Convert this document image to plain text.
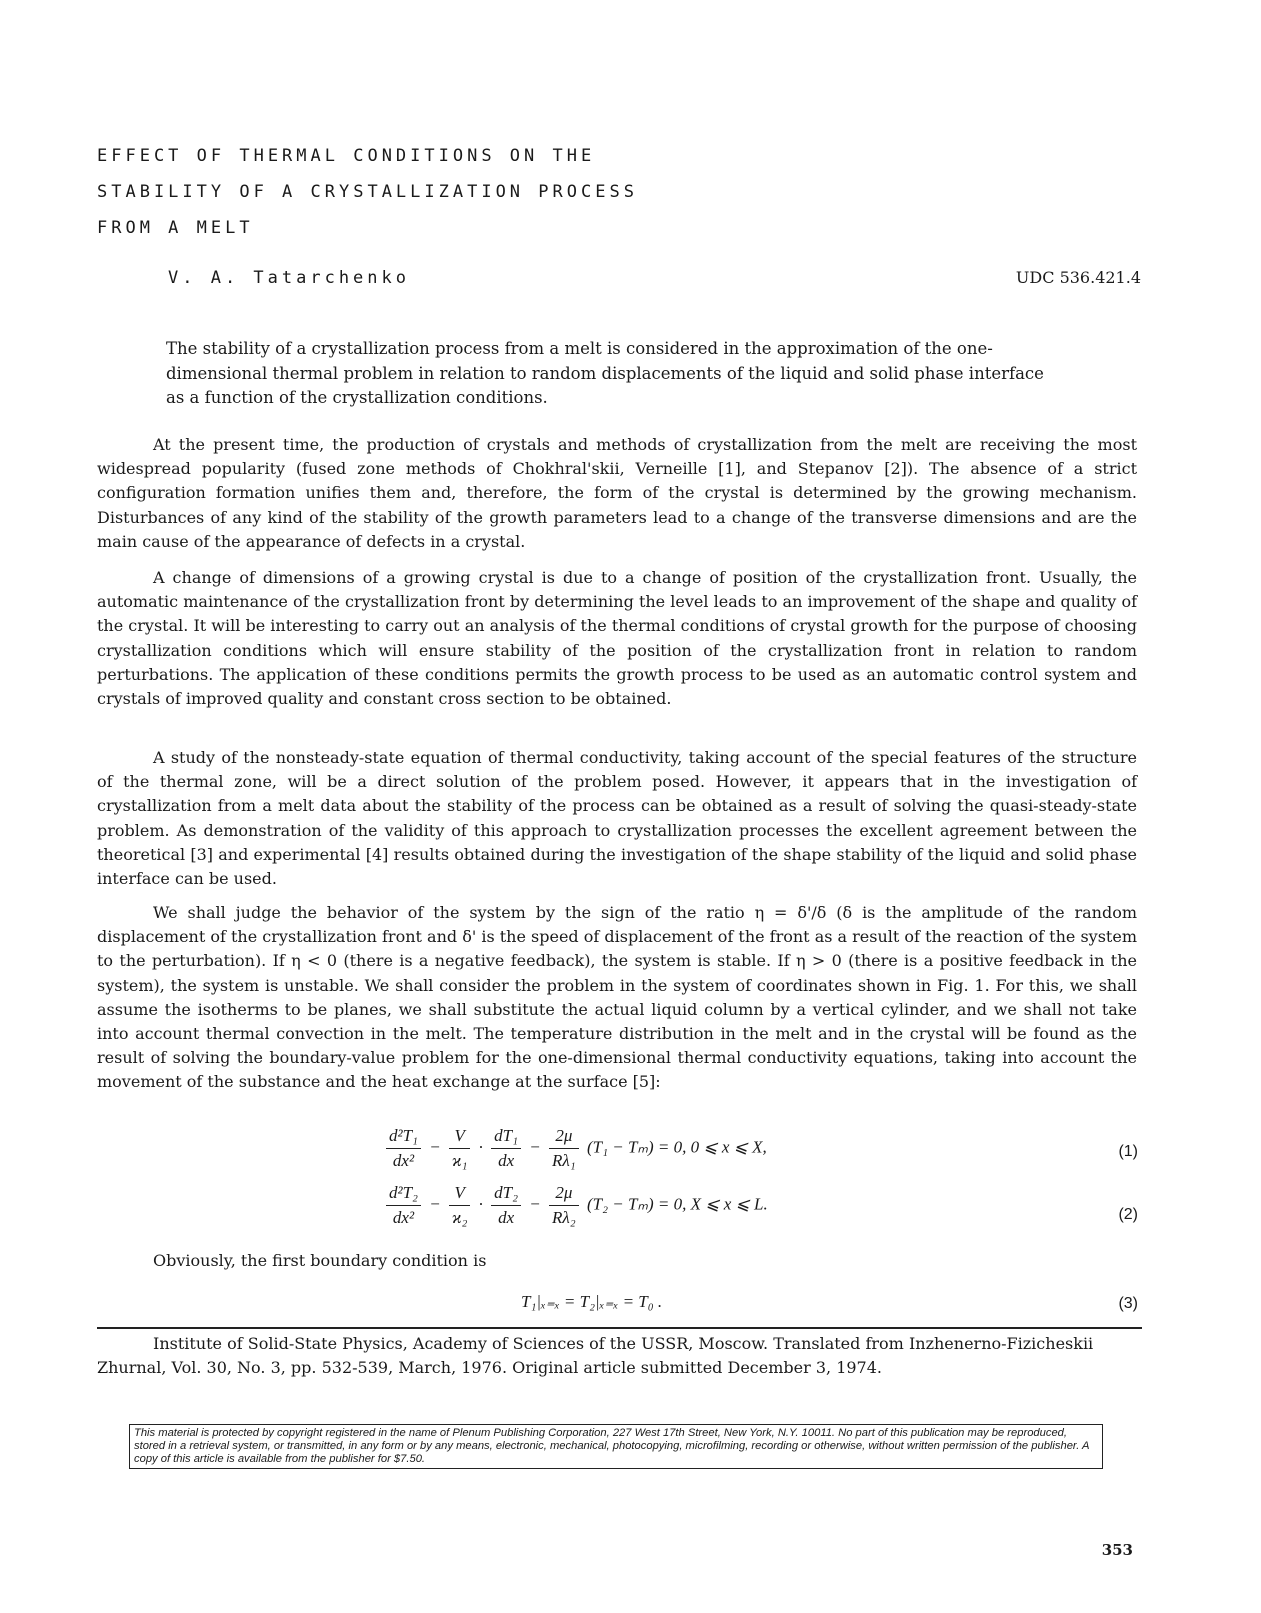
EFFECT OF THERMAL CONDITIONS ON THE
STABILITY OF A CRYSTALLIZATION PROCESS
FROM A MELT
V. A. Tatarchenko	UDC 536.421.4

The stability of a crystallization process from a melt is considered in the approximation of the one-dimensional thermal problem in relation to random displacements of the liquid and solid phase interface as a function of the crystallization conditions.

At the present time, the production of crystals and methods of crystallization from the melt are receiving the most widespread popularity (fused zone methods of Chokhral'skii, Verneille [1], and Stepanov [2]). The absence of a strict configuration formation unifies them and, therefore, the form of the crystal is determined by the growing mechanism. Disturbances of any kind of the stability of the growth parameters lead to a change of the transverse dimensions and are the main cause of the appearance of defects in a crystal.

A change of dimensions of a growing crystal is due to a change of position of the crystallization front. Usually, the automatic maintenance of the crystallization front by determining the level leads to an improvement of the shape and quality of the crystal. It will be interesting to carry out an analysis of the thermal conditions of crystal growth for the purpose of choosing crystallization conditions which will ensure stability of the position of the crystallization front in relation to random perturbations. The application of these conditions permits the growth process to be used as an automatic control system and crystals of improved quality and constant cross section to be obtained.

A study of the nonsteady-state equation of thermal conductivity, taking account of the special features of the structure of the thermal zone, will be a direct solution of the problem posed. However, it appears that in the investigation of crystallization from a melt data about the stability of the process can be obtained as a result of solving the quasi-steady-state problem. As demonstration of the validity of this approach to crystallization processes the excellent agreement between the theoretical [3] and experimental [4] results obtained during the investigation of the shape stability of the liquid and solid phase interface can be used.

We shall judge the behavior of the system by the sign of the ratio η = δ'/δ (δ is the amplitude of the random displacement of the crystallization front and δ' is the speed of displacement of the front as a result of the reaction of the system to the perturbation). If η < 0 (there is a negative feedback), the system is stable. If η > 0 (there is a positive feedback in the system), the system is unstable. We shall consider the problem in the system of coordinates shown in Fig. 1. For this, we shall assume the isotherms to be planes, we shall substitute the actual liquid column by a vertical cylinder, and we shall not take into account thermal convection in the melt. The temperature distribution in the melt and in the crystal will be found as the result of solving the boundary-value problem for the one-dimensional thermal conductivity equations, taking into account the movement of the substance and the heat exchange at the surface [5]:

$\frac{\text{d²T₁}}{\text{dx²}} - \frac{V}{\text{ϰ₁}} \cdot \frac{\text{dT₁}}{dx} - \frac{2\mu}{\text{Rλ₁}} (T_1 - T_m) = 0$, 0 ⩽ x ⩽ X,	(1)
$\frac{\text{d²T₂}}{\text{dx²}} - \frac{V}{\text{ϰ₂}} \cdot \frac{\text{dT₂}}{dx} - \frac{2\mu}{\text{Rλ₂}} (T_2 - T_m) = 0$, X ⩽ x ⩽ L.
(2)

Obviously, the first boundary condition is

T₁|ₓ₌ₓ = T₂|ₓ₌ₓ = T₀ .	(3)

Institute of Solid-State Physics, Academy of Sciences of the USSR, Moscow. Translated from Inzhenerno-Fizicheskii Zhurnal, Vol. 30, No. 3, pp. 532-539, March, 1976. Original article submitted December 3, 1974.

This material is protected by copyright registered in the name of Plenum Publishing Corporation, 227 West 17th Street, New York, N.Y. 10011. No part of this publication may be reproduced, stored in a retrieval system, or transmitted, in any form or by any means, electronic, mechanical, photocopying, microfilming, recording or otherwise, without written permission of the publisher. A copy of this article is available from the publisher for $7.50.
353
